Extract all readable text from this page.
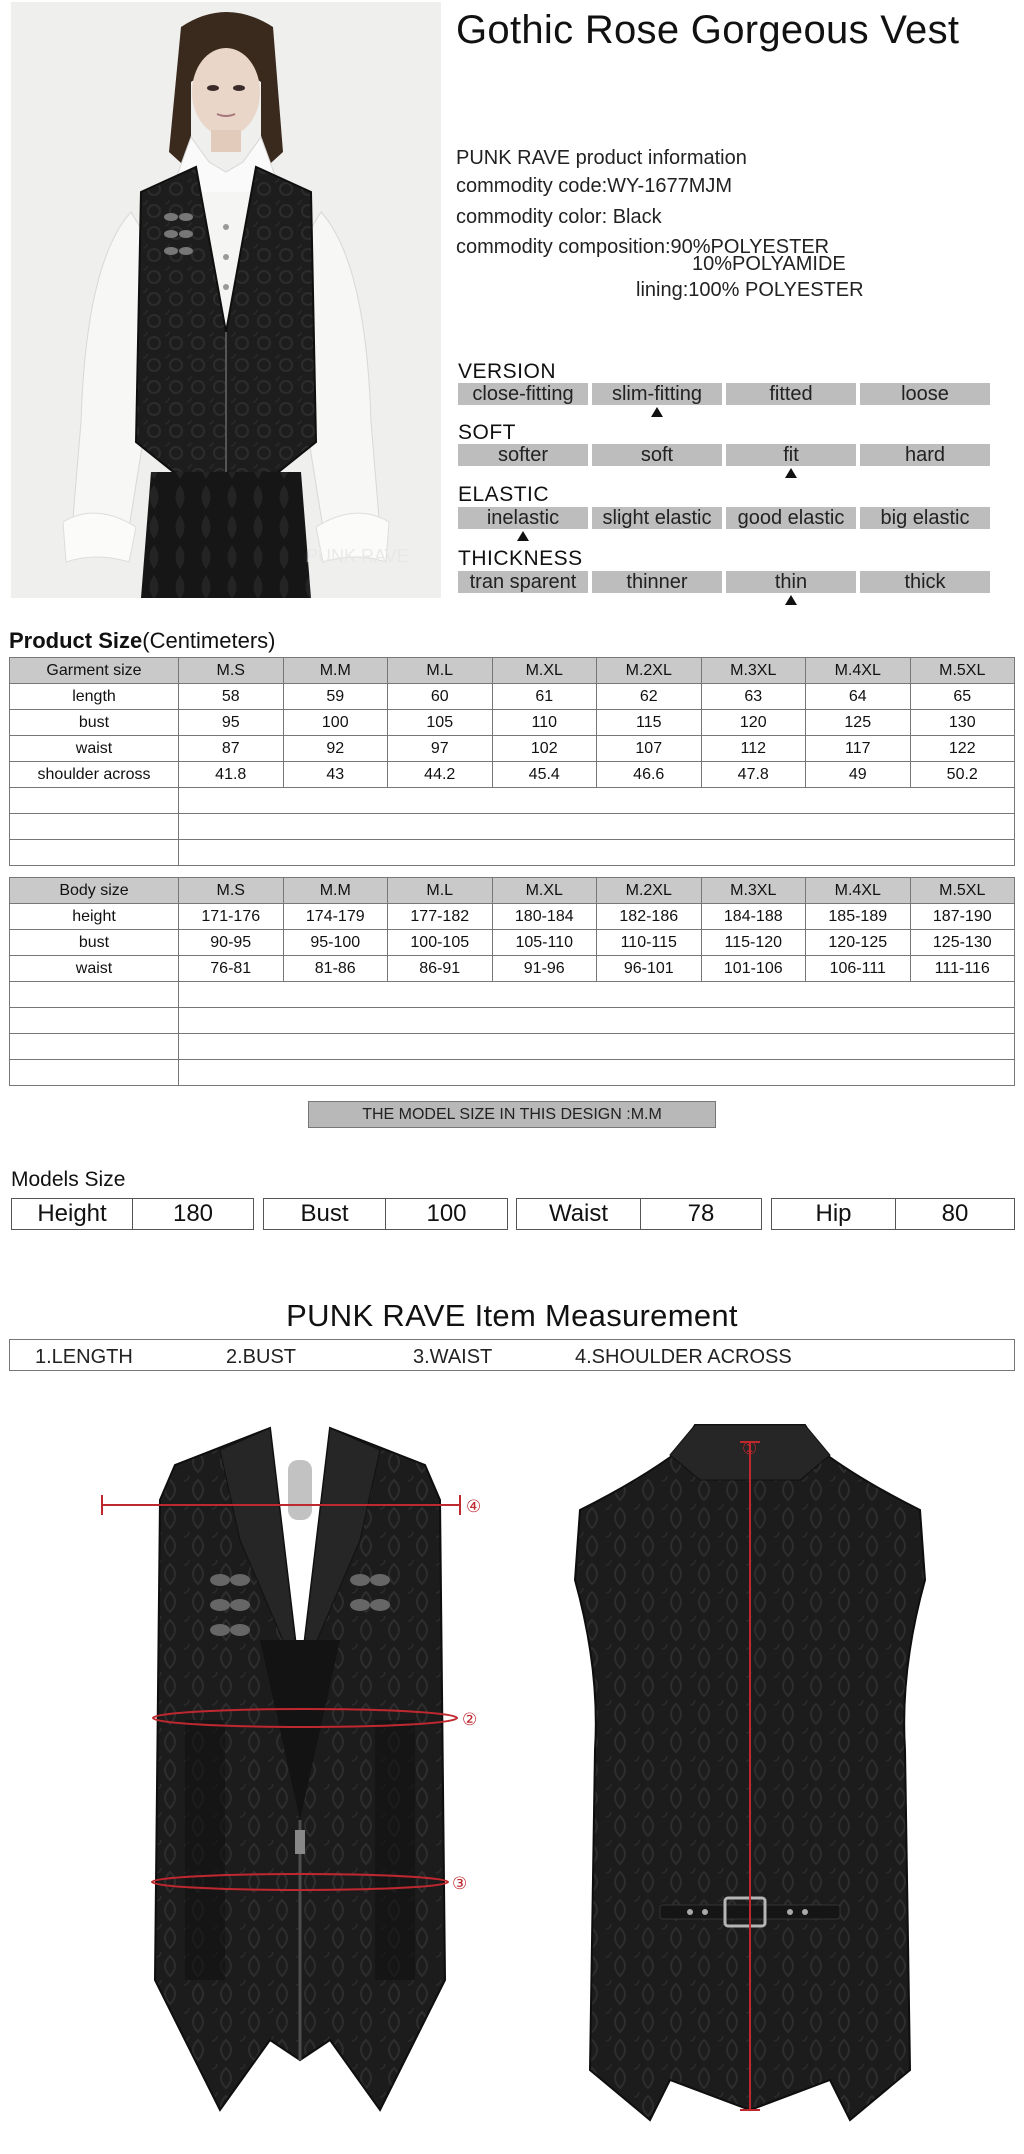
PUNK RAVE
Gothic Rose Gorgeous Vest
PUNK RAVE product information
commodity code:WY-1677MJM
commodity color: Black
commodity composition:90%POLYESTER
10%POLYAMIDE
lining:100% POLYESTER
VERSION
close-fitting	slim-fitting	fitted	loose
SOFT
softer	soft	fit	hard
ELASTIC
inelastic	slight elastic	good elastic	big elastic
THICKNESS
tran sparent	thinner	thin	thick
Product Size(Centimeters)
Garment size	M.S	M.M	M.L	M.XL	M.2XL	M.3XL	M.4XL	M.5XL
length	58	59	60	61	62	63	64	65
bust	95	100	105	110	115	120	125	130
waist	87	92	97	102	107	112	117	122
shoulder across	41.8	43	44.2	45.4	46.6	47.8	49	50.2

Body size	M.S	M.M	M.L	M.XL	M.2XL	M.3XL	M.4XL	M.5XL
height	171-176	174-179	177-182	180-184	182-186	184-188	185-189	187-190
bust	90-95	95-100	100-105	105-110	110-115	115-120	120-125	125-130
waist	76-81	81-86	86-91	91-96	96-101	101-106	106-111	111-116

THE MODEL SIZE IN THIS DESIGN :M.M
Models Size
Height	180	Bust	100	Waist	78	Hip	80
PUNK RAVE Item Measurement
1.LENGTH	2.BUST	3.WAIST	4.SHOULDER ACROSS
④
②
③
①
